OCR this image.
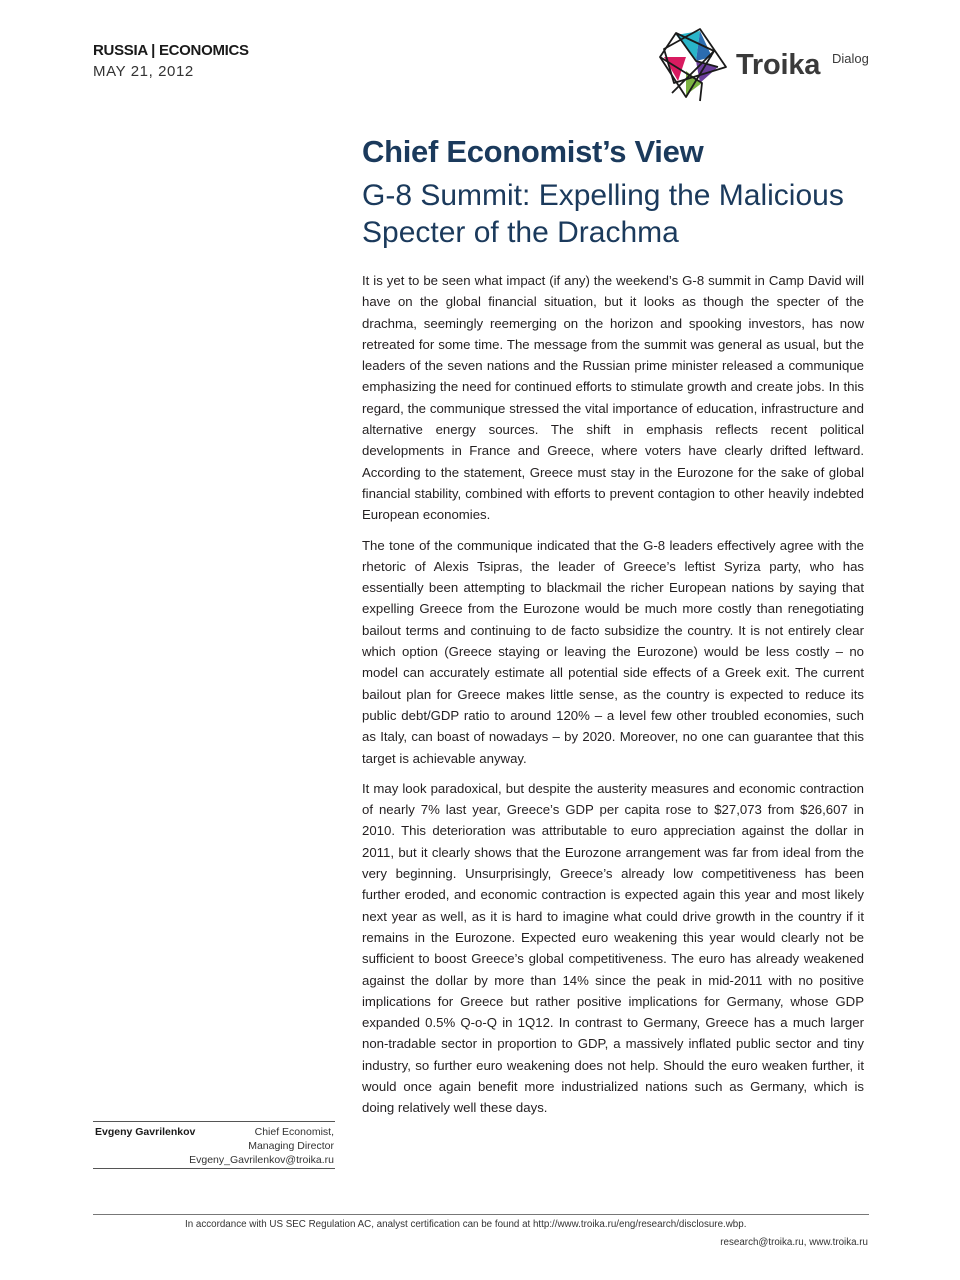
RUSSIA | ECONOMICS
MAY 21, 2012	Troika Dialog
Chief Economist’s View
G-8 Summit: Expelling the Malicious Specter of the Drachma

It is yet to be seen what impact (if any) the weekend’s G-8 summit in Camp David will have on the global financial situation, but it looks as though the specter of the drachma, seemingly reemerging on the horizon and spooking investors, has now retreated for some time. The message from the summit was general as usual, but the leaders of the seven nations and the Russian prime minister released a communique emphasizing the need for continued efforts to stimulate growth and create jobs. In this regard, the communique stressed the vital importance of education, infrastructure and alternative energy sources. The shift in emphasis reflects recent political developments in France and Greece, where voters have clearly drifted leftward. According to the statement, Greece must stay in the Eurozone for the sake of global financial stability, combined with efforts to prevent contagion to other heavily indebted European economies.

The tone of the communique indicated that the G-8 leaders effectively agree with the rhetoric of Alexis Tsipras, the leader of Greece’s leftist Syriza party, who has essentially been attempting to blackmail the richer European nations by saying that expelling Greece from the Eurozone would be much more costly than renegotiating bailout terms and continuing to de facto subsidize the country. It is not entirely clear which option (Greece staying or leaving the Eurozone) would be less costly – no model can accurately estimate all potential side effects of a Greek exit. The current bailout plan for Greece makes little sense, as the country is expected to reduce its public debt/GDP ratio to around 120% – a level few other troubled economies, such as Italy, can boast of nowadays – by 2020. Moreover, no one can guarantee that this target is achievable anyway.

It may look paradoxical, but despite the austerity measures and economic contraction of nearly 7% last year, Greece’s GDP per capita rose to $27,073 from $26,607 in 2010. This deterioration was attributable to euro appreciation against the dollar in 2011, but it clearly shows that the Eurozone arrangement was far from ideal from the very beginning. Unsurprisingly, Greece’s already low competitiveness has been further eroded, and economic contraction is expected again this year and most likely next year as well, as it is hard to imagine what could drive growth in the country if it remains in the Eurozone. Expected euro weakening this year would clearly not be sufficient to boost Greece’s global competitiveness. The euro has already weakened against the dollar by more than 14% since the peak in mid-2011 with no positive implications for Greece but rather positive implications for Germany, whose GDP expanded 0.5% Q-o-Q in 1Q12. In contrast to Germany, Greece has a much larger non-tradable sector in proportion to GDP, a massively inflated public sector and tiny industry, so further euro weakening does not help. Should the euro weaken further, it would once again benefit more industrialized nations such as Germany, which is doing relatively well these days.

Evgeny Gavrilenkov	Chief Economist,
Managing Director
Evgeny_Gavrilenkov@troika.ru
In accordance with US SEC Regulation AC, analyst certification can be found at http://www.troika.ru/eng/research/disclosure.wbp.
research@troika.ru, www.troika.ru
